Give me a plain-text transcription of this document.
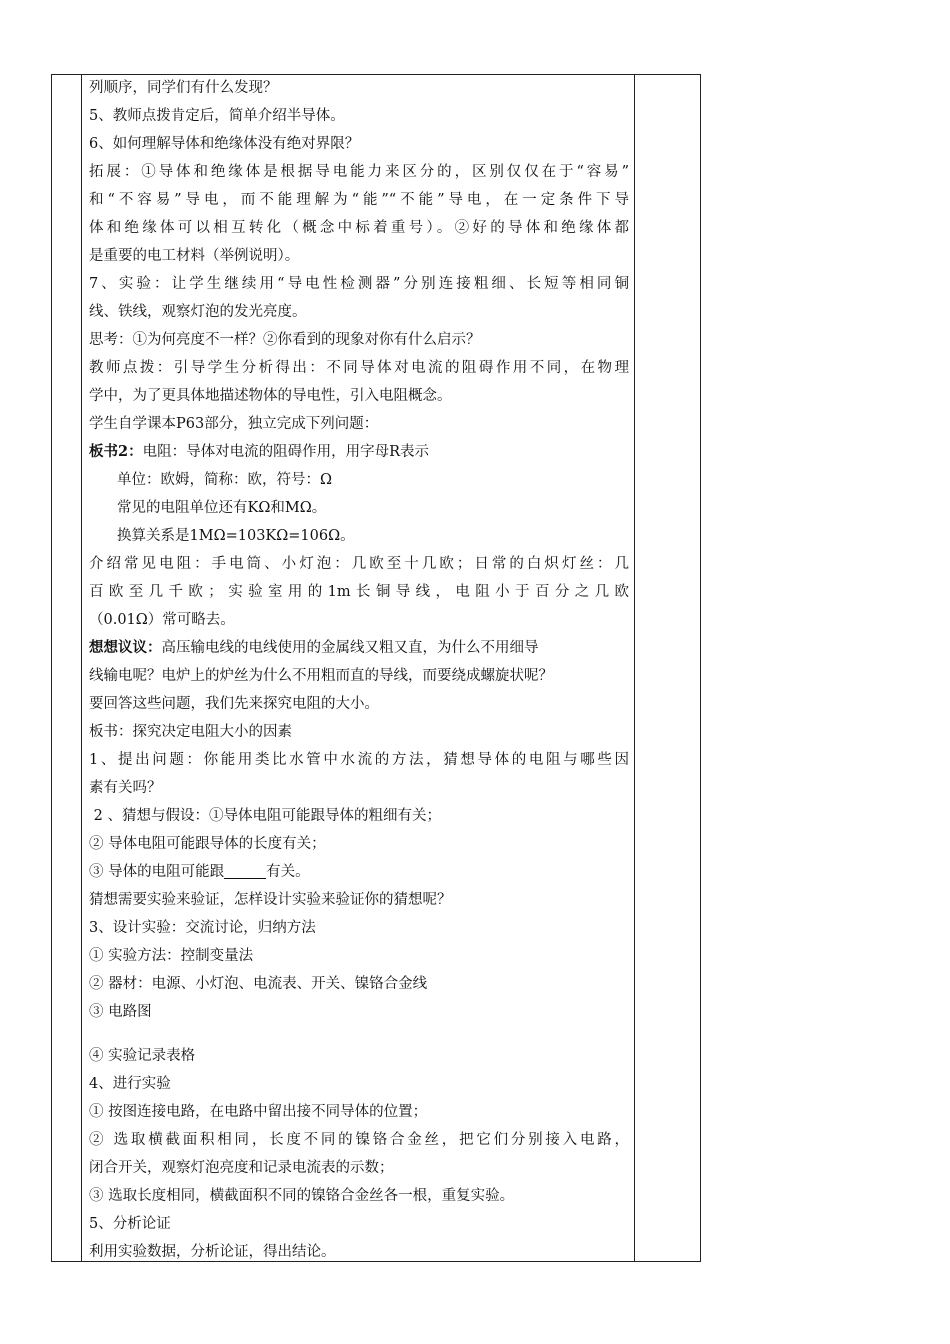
列顺序，同学们有什么发现？
5、教师点拨肯定后，简单介绍半导体。
6、如何理解导体和绝缘体没有绝对界限？
拓展：①导体和绝缘体是根据导电能力来区分的，区别仅仅在于“容易”
和“不容易”导电，而不能理解为“能”“不能”导电，在一定条件下导
体和绝缘体可以相互转化（概念中标着重号）。②好的导体和绝缘体都
是重要的电工材料（举例说明）。
7、实验：让学生继续用“导电性检测器”分别连接粗细、长短等相同铜
线、铁线，观察灯泡的发光亮度。
思考：①为何亮度不一样？②你看到的现象对你有什么启示？
教师点拨：引导学生分析得出：不同导体对电流的阻碍作用不同，在物理
学中，为了更具体地描述物体的导电性，引入电阻概念。
学生自学课本P63部分，独立完成下列问题：
板书2：电阻：导体对电流的阻碍作用，用字母R表示
单位：欧姆，简称：欧，符号：Ω
常见的电阻单位还有KΩ和MΩ。
换算关系是1MΩ=103KΩ=106Ω。
介绍常见电阻：手电筒、小灯泡：几欧至十几欧；日常的白炽灯丝：几
百欧至几千欧；实验室用的1m长铜导线，电阻小于百分之几欧
（0.01Ω）常可略去。
想想议议：高压输电线的电线使用的金属线又粗又直，为什么不用细导
线输电呢？电炉上的炉丝为什么不用粗而直的导线，而要绕成螺旋状呢？
要回答这些问题，我们先来探究电阻的大小。
板书：探究决定电阻大小的因素
1、提出问题：你能用类比水管中水流的方法，猜想导体的电阻与哪些因
素有关吗？
2 、猜想与假设：①导体电阻可能跟导体的粗细有关；
② 导体电阻可能跟导体的长度有关；
③ 导体的电阻可能跟	有关。
猜想需要实验来验证，怎样设计实验来验证你的猜想呢？
3、设计实验：交流讨论，归纳方法
① 实验方法：控制变量法
② 器材：电源、小灯泡、电流表、开关、镍铬合金线
③ 电路图
④ 实验记录表格
4、进行实验
① 按图连接电路，在电路中留出接不同导体的位置；
② 选取横截面积相同，长度不同的镍铬合金丝，把它们分别接入电路，
闭合开关，观察灯泡亮度和记录电流表的示数；
③ 选取长度相同，横截面积不同的镍铬合金丝各一根，重复实验。
5、分析论证
利用实验数据，分析论证，得出结论。
